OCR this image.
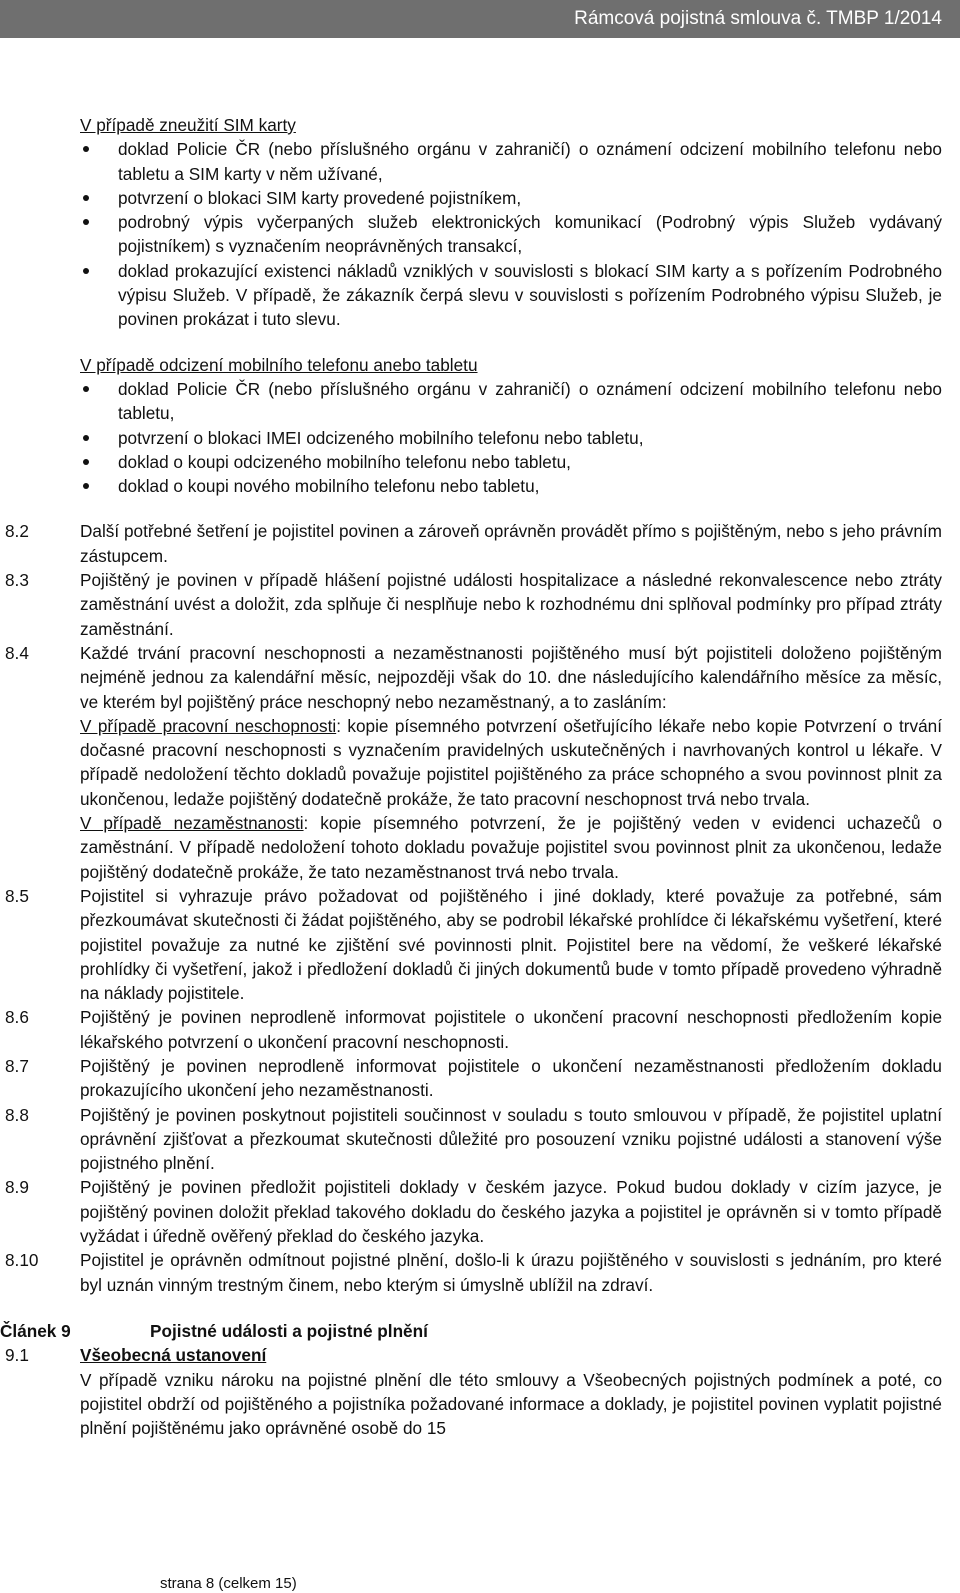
Rámcová pojistná smlouva č. TMBP 1/2014

V případě zneužití SIM karty

doklad Policie ČR (nebo příslušného orgánu v zahraničí) o oznámení odcizení mobilního telefonu nebo tabletu a SIM karty v něm užívané,
potvrzení o blokaci SIM karty provedené pojistníkem,
podrobný výpis vyčerpaných služeb elektronických komunikací (Podrobný výpis Služeb vydávaný pojistníkem) s vyznačením neoprávněných transakcí,
doklad prokazující existenci nákladů vzniklých v souvislosti s blokací SIM karty a s pořízením Podrobného výpisu Služeb. V případě, že zákazník čerpá slevu v souvislosti s pořízením Podrobného výpisu Služeb, je povinen prokázat i tuto slevu.

V případě odcizení mobilního telefonu anebo tabletu

doklad Policie ČR (nebo příslušného orgánu v zahraničí) o oznámení odcizení mobilního telefonu nebo tabletu,
potvrzení o blokaci IMEI odcizeného mobilního telefonu nebo tabletu,
doklad o koupi odcizeného mobilního telefonu nebo tabletu,
doklad o koupi nového mobilního telefonu nebo tabletu,
8.2	Další potřebné šetření je pojistitel povinen a zároveň oprávněn provádět přímo s pojištěným, nebo s jeho právním zástupcem.
8.3	Pojištěný je povinen v případě hlášení pojistné události hospitalizace a následné rekonvalescence nebo ztráty zaměstnání uvést a doložit, zda splňuje či nesplňuje nebo k rozhodnému dni splňoval podmínky pro případ ztráty zaměstnání.
8.4	Každé trvání pracovní neschopnosti a nezaměstnanosti pojištěného musí být pojistiteli doloženo pojištěným nejméně jednou za kalendářní měsíc, nejpozději však do 10. dne následujícího kalendářního měsíce za měsíc, ve kterém byl pojištěný práce neschopný nebo nezaměstnaný, a to zasláním:
V případě pracovní neschopnosti: kopie písemného potvrzení ošetřujícího lékaře nebo kopie Potvrzení o trvání dočasné pracovní neschopnosti s vyznačením pravidelných uskutečněných i navrhovaných kontrol u lékaře. V případě nedoložení těchto dokladů považuje pojistitel pojištěného za práce schopného a svou povinnost plnit za ukončenou, ledaže pojištěný dodatečně prokáže, že tato pracovní neschopnost trvá nebo trvala.
V případě nezaměstnanosti: kopie písemného potvrzení, že je pojištěný veden v evidenci uchazečů o zaměstnání. V případě nedoložení tohoto dokladu považuje pojistitel svou povinnost plnit za ukončenou, ledaže pojištěný dodatečně prokáže, že tato nezaměstnanost trvá nebo trvala.
8.5	Pojistitel si vyhrazuje právo požadovat od pojištěného i jiné doklady, které považuje za potřebné, sám přezkoumávat skutečnosti či žádat pojištěného, aby se podrobil lékařské prohlídce či lékařskému vyšetření, které pojistitel považuje za nutné ke zjištění své povinnosti plnit. Pojistitel bere na vědomí, že veškeré lékařské prohlídky či vyšetření, jakož i předložení dokladů či jiných dokumentů bude v tomto případě provedeno výhradně na náklady pojistitele.
8.6	Pojištěný je povinen neprodleně informovat pojistitele o ukončení pracovní neschopnosti předložením kopie lékařského potvrzení o ukončení pracovní neschopnosti.
8.7	Pojištěný je povinen neprodleně informovat pojistitele o ukončení nezaměstnanosti předložením dokladu prokazujícího ukončení jeho nezaměstnanosti.
8.8	Pojištěný je povinen poskytnout pojistiteli součinnost v souladu s touto smlouvou v případě, že pojistitel uplatní oprávnění zjišťovat a přezkoumat skutečnosti důležité pro posouzení vzniku pojistné události a stanovení výše pojistného plnění.
8.9	Pojištěný je povinen předložit pojistiteli doklady v českém jazyce. Pokud budou doklady v cizím jazyce, je pojištěný povinen doložit překlad takového dokladu do českého jazyka a pojistitel je oprávněn si v tomto případě vyžádat i úředně ověřený překlad do českého jazyka.
8.10 Pojistitel je oprávněn odmítnout pojistné plnění, došlo-li k úrazu pojištěného v souvislosti s jednáním, pro které byl uznán vinným trestným činem, nebo kterým si úmyslně ublížil na zdraví.
Článek 9	Pojistné události a pojistné plnění
9.1	Všeobecná ustanovení
V případě vzniku nároku na pojistné plnění dle této smlouvy a Všeobecných pojistných podmínek a poté, co pojistitel obdrží od pojištěného a pojistníka požadované informace a doklady, je pojistitel povinen vyplatit pojistné plnění pojištěnému jako oprávněné osobě do 15
strana 8 (celkem 15)
